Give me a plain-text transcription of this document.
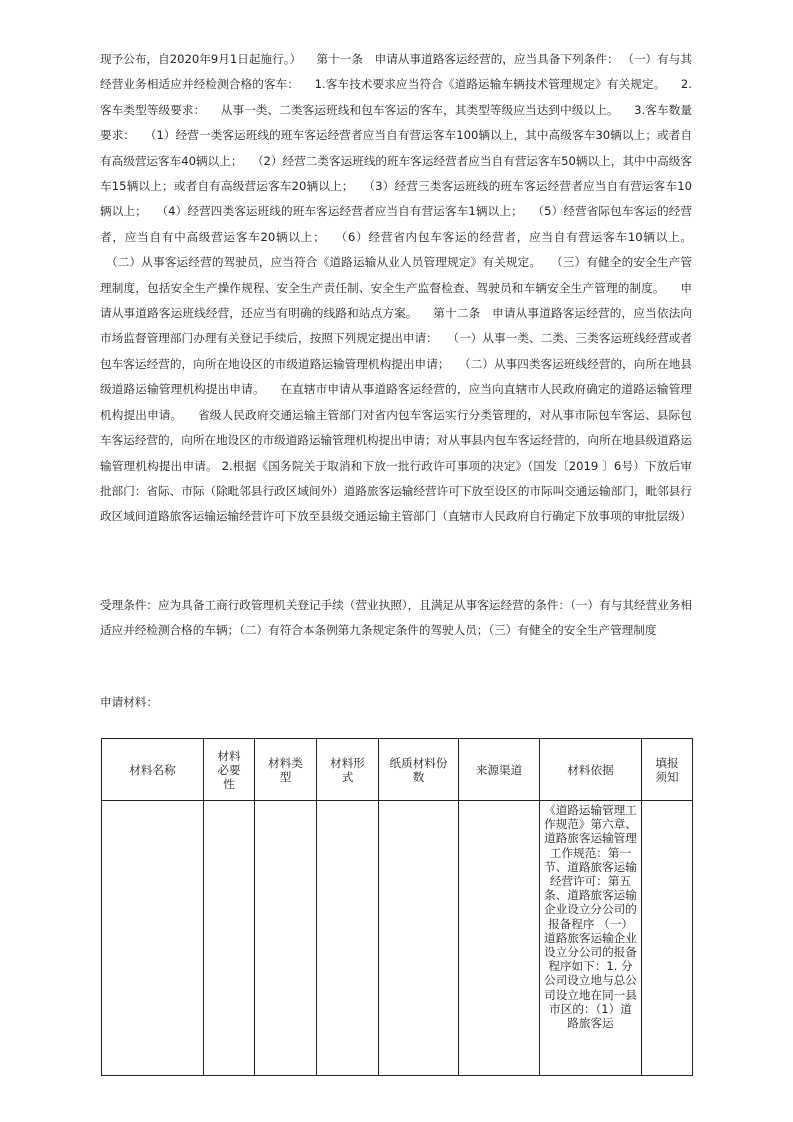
现予公布，自2020年9月1日起施行。） 　第十一条　申请从事道路客运经营的，应当具备下列条件： （一）有与其经营业务相适应并经检测合格的客车： 　1.客车技术要求应当符合《道路运输车辆技术管理规定》有关规定。 　2.客车类型等级要求： 　从事一类、二类客运班线和包车客运的客车，其类型等级应当达到中级以上。 　3.客车数量要求： 　（1）经营一类客运班线的班车客运经营者应当自有营运客车100辆以上，其中高级客车30辆以上；或者自有高级营运客车40辆以上； 　（2）经营二类客运班线的班车客运经营者应当自有营运客车50辆以上，其中中高级客车15辆以上；或者自有高级营运客车20辆以上； 　（3）经营三类客运班线的班车客运经营者应当自有营运客车10辆以上； 　（4）经营四类客运班线的班车客运经营者应当自有营运客车1辆以上； 　（5）经营省际包车客运的经营者，应当自有中高级营运客车20辆以上； 　（6）经营省内包车客运的经营者，应当自有营运客车10辆以上。 　（二）从事客运经营的驾驶员，应当符合《道路运输从业人员管理规定》有关规定。 　（三）有健全的安全生产管理制度，包括安全生产操作规程、安全生产责任制、安全生产监督检查、驾驶员和车辆安全生产管理的制度。 　申请从事道路客运班线经营，还应当有明确的线路和站点方案。 　第十二条　申请从事道路客运经营的，应当依法向市场监督管理部门办理有关登记手续后，按照下列规定提出申请： 　（一）从事一类、二类、三类客运班线经营或者包车客运经营的，向所在地设区的市级道路运输管理机构提出申请； 　（二）从事四类客运班线经营的，向所在地县级道路运输管理机构提出申请。 　在直辖市申请从事道路客运经营的，应当向直辖市人民政府确定的道路运输管理机构提出申请。 　省级人民政府交通运输主管部门对省内包车客运实行分类管理的，对从事市际包车客运、县际包车客运经营的，向所在地设区的市级道路运输管理机构提出申请；对从事县内包车客运经营的，向所在地县级道路运输管理机构提出申请。 2.根据《国务院关于取消和下放一批行政许可事项的决定》（国发〔2019 〕6号）下放后审批部门：省际、市际（除毗邻县行政区域间外）道路旅客运输经营许可下放至设区的市际叫交通运输部门，毗邻县行政区域间道路旅客运输运输经营许可下放至县级交通运输主管部门（直辖市人民政府自行确定下放事项的审批层级）

受理条件：应为具备工商行政管理机关登记手续（营业执照），且满足从事客运经营的条件：（一）有与其经营业务相适应并经检测合格的车辆；（二）有符合本条例第九条规定条件的驾驶人员；（三）有健全的安全生产管理制度

申请材料：

材料名称	材料必要性	材料类型	材料形式	纸质材料份数	来源渠道	材料依据	填报须知
						《道路运输管理工作规范》第六章、道路旅客运输管理工作规范：第一节、道路旅客运输经营许可：第五条、道路旅客运输企业设立分公司的报备程序 （一）道路旅客运输企业设立分公司的报备程序如下：1. 分公司设立地与总公司设立地在同一县市区的：（1）道路旅客运	
